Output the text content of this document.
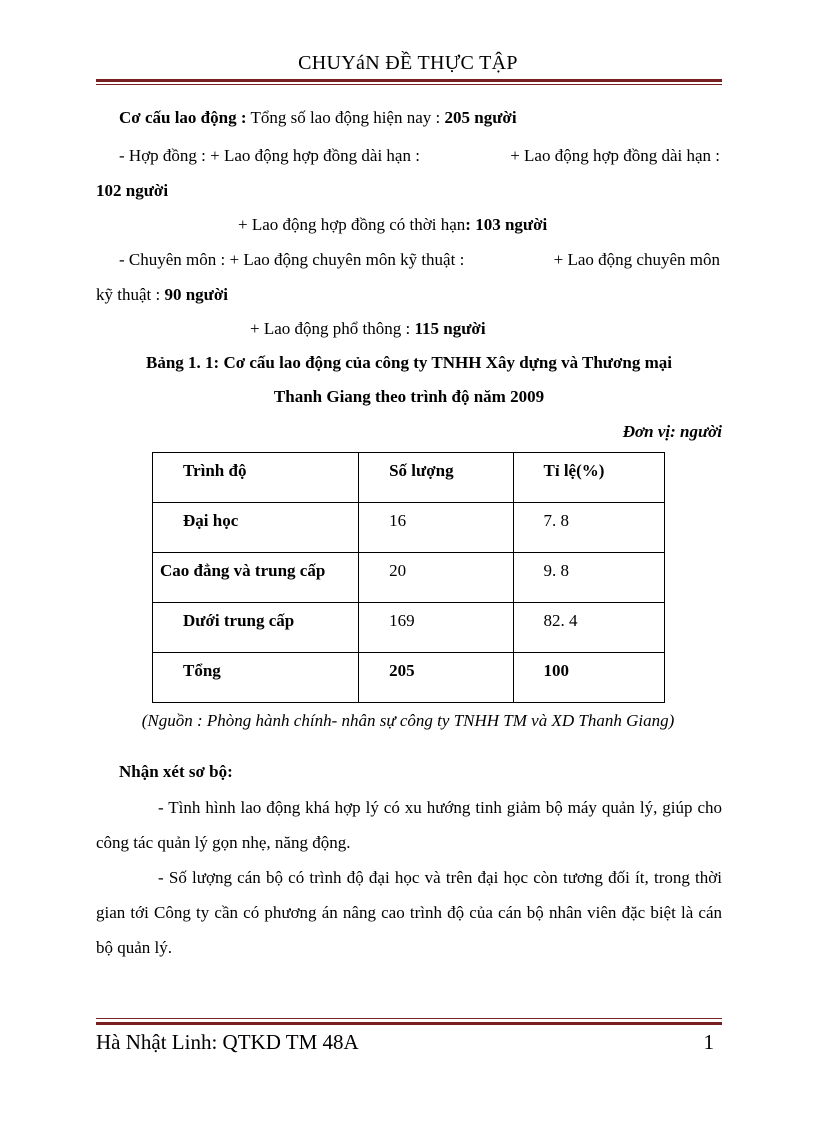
CHUYáN ĐỀ THỰC TẬP
Cơ cấu lao động : Tổng số lao động hiện nay : 205 người
- Hợp đồng : + Lao động hợp đồng dài hạn :	+ Lao động hợp đồng dài hạn :
102 người
+ Lao động hợp đồng có thời hạn: 103 người
- Chuyên môn : + Lao động chuyên môn kỹ thuật :	+ Lao động chuyên môn
kỹ thuật : 90 người
+ Lao động phổ thông : 115 người
Bảng 1. 1: Cơ cấu lao động của công ty TNHH Xây dựng và Thương mại
Thanh Giang theo trình độ năm 2009
Đơn vị: người
Trình độ	Số lượng	Tỉ lệ(%)

Đại học	16	7. 8

Cao đẳng và trung cấp	20	9. 8

Dưới trung cấp	169	82. 4

Tổng	205	100
(Nguồn : Phòng hành chính- nhân sự công ty TNHH TM và XD Thanh Giang)
Nhận xét sơ bộ:
- Tình hình lao động khá hợp lý có xu hướng tinh giảm bộ máy quản lý, giúp cho công tác quản lý gọn nhẹ, năng động.
- Số lượng cán bộ có trình độ đại học và trên đại học còn tương đối ít, trong thời gian tới Công ty cần có phương án nâng cao trình độ của cán bộ nhân viên đặc biệt là cán bộ quản lý.
Hà Nhật Linh: QTKD TM 48A	1
